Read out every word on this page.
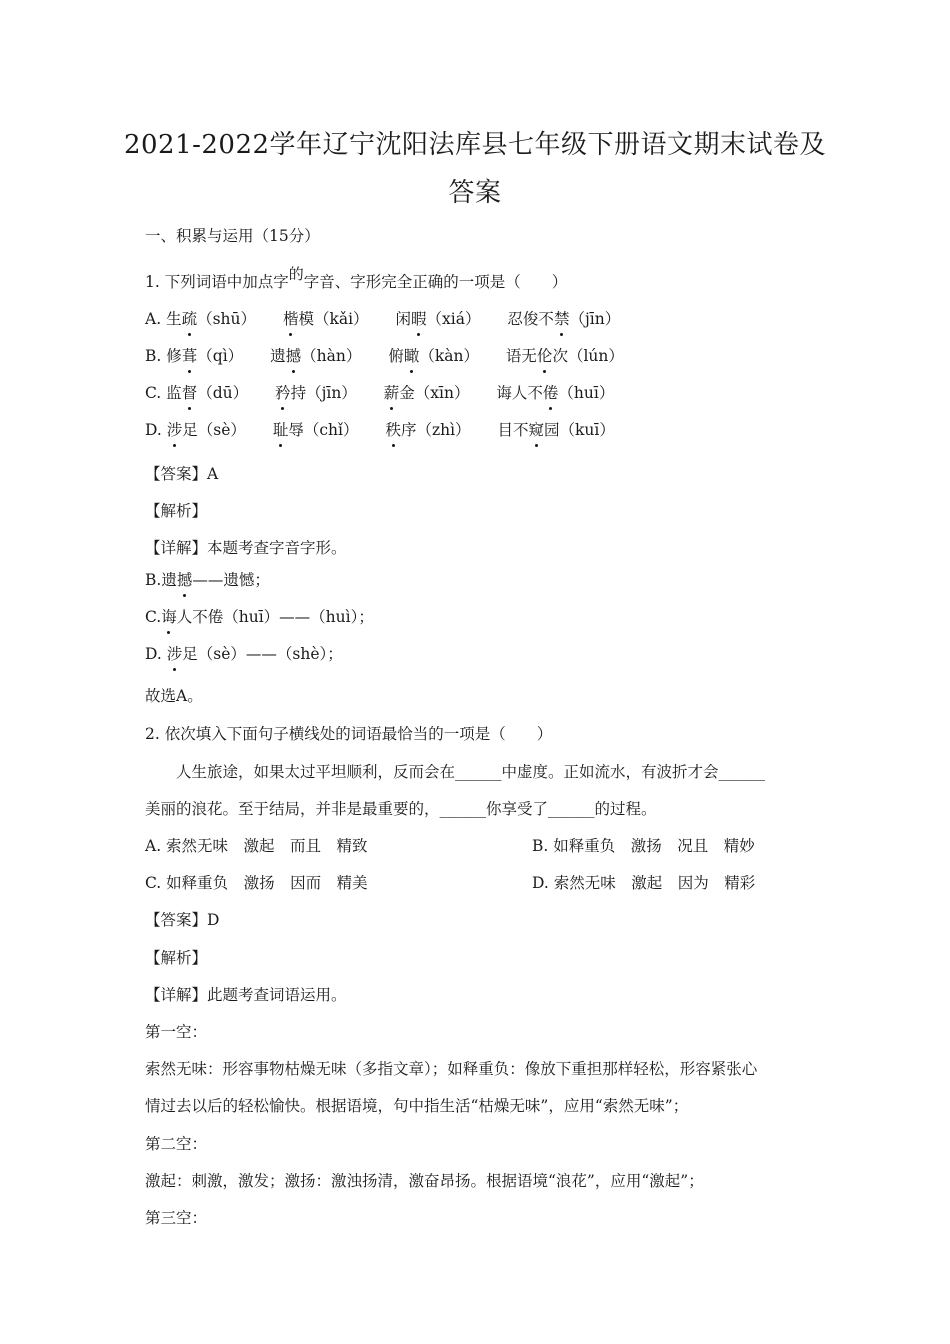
2021-2022学年辽宁沈阳法库县七年级下册语文期末试卷及
答案
一、积累与运用（15分）
1. 下列词语中加点字的字音、字形完全正确的一项是（　　）
A. 生疏（shū） 楷模（kǎi） 闲暇（xiá） 忍俊不禁（jīn）
B. 修葺（qì） 遗撼（hàn） 俯瞰（kàn） 语无伦次（lún）
C. 监督（dū） 矜持（jīn） 薪金（xīn） 诲人不倦（huī）
D. 涉足（sè） 耻辱（chǐ） 秩序（zhì） 目不窥园（kuī）
【答案】A
【解析】
【详解】本题考查字音字形。
B.遗撼——遗憾；
C.诲人不倦（huī）——（huì）；
D. 涉足（sè）——（shè）；
故选A。
2. 依次填入下面句子横线处的词语最恰当的一项是（　　）
人生旅途，如果太过平坦顺利，反而会在______中虚度。正如流水，有波折才会______
美丽的浪花。至于结局，并非是最重要的，______你享受了______的过程。
A. 索然无味　激起　而且　精致	B. 如释重负　激扬　况且　精妙
C. 如释重负　激扬　因而　精美	D. 索然无味　激起　因为　精彩
【答案】D
【解析】
【详解】此题考查词语运用。
第一空：
索然无味：形容事物枯燥无味（多指文章）；如释重负：像放下重担那样轻松，形容紧张心
情过去以后的轻松愉快。根据语境，句中指生活“枯燥无味”，应用“索然无味”；
第二空：
激起：刺激，激发；激扬：激浊扬清，激奋昂扬。根据语境“浪花”，应用“激起”；
第三空：
